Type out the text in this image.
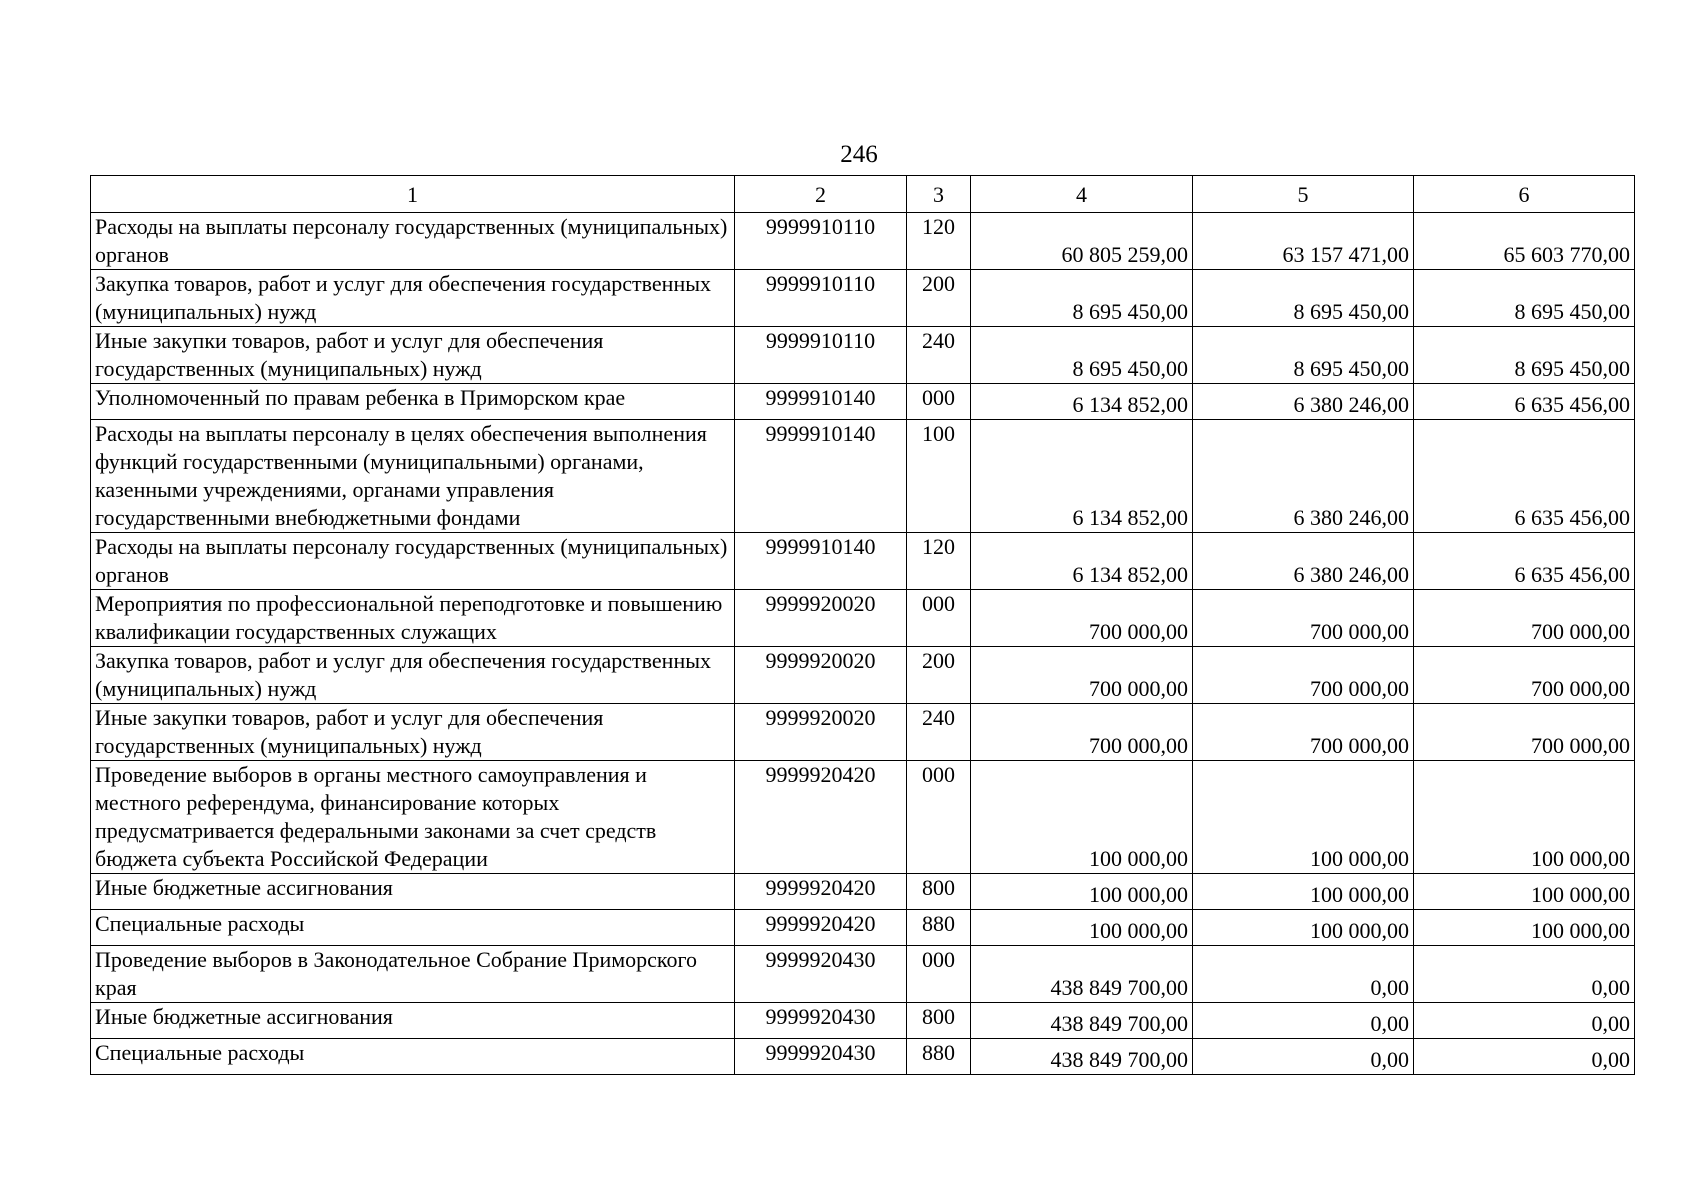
246
1	2	3	4	5	6
Расходы на выплаты персоналу государственных (муниципальных) органов	9999910110	120	60 805 259,00	63 157 471,00	65 603 770,00
Закупка товаров, работ и услуг для обеспечения государственных (муниципальных) нужд	9999910110	200	8 695 450,00	8 695 450,00	8 695 450,00
Иные закупки товаров, работ и услуг для обеспечения государственных (муниципальных) нужд	9999910110	240	8 695 450,00	8 695 450,00	8 695 450,00
Уполномоченный по правам ребенка в Приморском крае	9999910140	000	6 134 852,00	6 380 246,00	6 635 456,00
Расходы на выплаты персоналу в целях обеспечения выполнения функций государственными (муниципальными) органами, казенными учреждениями, органами управления государственными внебюджетными фондами	9999910140	100	6 134 852,00	6 380 246,00	6 635 456,00
Расходы на выплаты персоналу государственных (муниципальных) органов	9999910140	120	6 134 852,00	6 380 246,00	6 635 456,00
Мероприятия по профессиональной переподготовке и повышению квалификации государственных служащих	9999920020	000	700 000,00	700 000,00	700 000,00
Закупка товаров, работ и услуг для обеспечения государственных (муниципальных) нужд	9999920020	200	700 000,00	700 000,00	700 000,00
Иные закупки товаров, работ и услуг для обеспечения государственных (муниципальных) нужд	9999920020	240	700 000,00	700 000,00	700 000,00
Проведение выборов в органы местного самоуправления и местного референдума, финансирование которых предусматривается федеральными законами за счет средств бюджета субъекта Российской Федерации	9999920420	000	100 000,00	100 000,00	100 000,00
Иные бюджетные ассигнования	9999920420	800	100 000,00	100 000,00	100 000,00
Специальные расходы	9999920420	880	100 000,00	100 000,00	100 000,00
Проведение выборов в Законодательное Собрание Приморского края	9999920430	000	438 849 700,00	0,00	0,00
Иные бюджетные ассигнования	9999920430	800	438 849 700,00	0,00	0,00
Специальные расходы	9999920430	880	438 849 700,00	0,00	0,00
